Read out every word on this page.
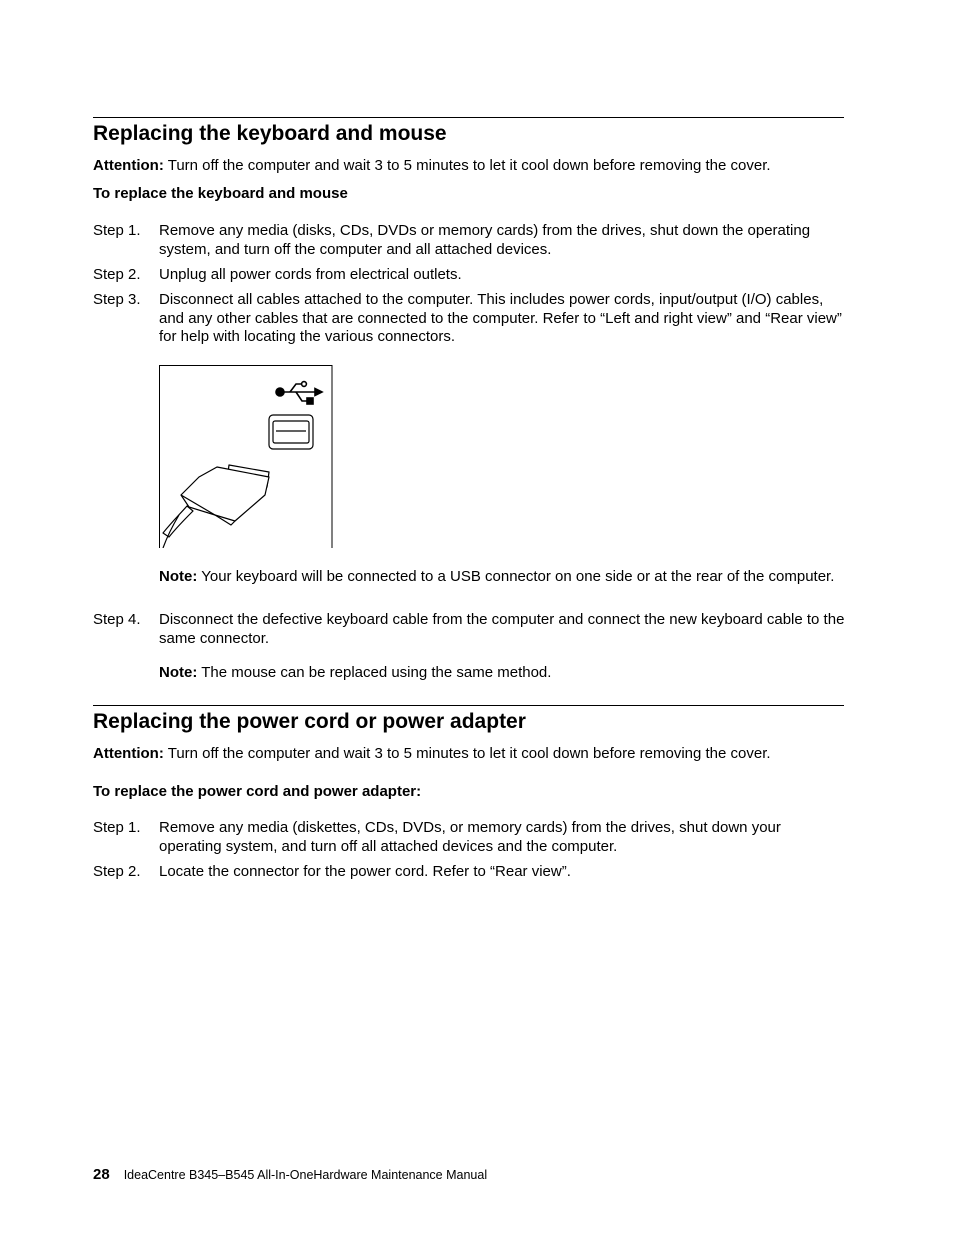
Replacing the keyboard and mouse
Attention: Turn off the computer and wait 3 to 5 minutes to let it cool down before removing the cover.
To replace the keyboard and mouse
Step 1. Remove any media (disks, CDs, DVDs or memory cards) from the drives, shut down the operating system, and turn off the computer and all attached devices.
Step 2. Unplug all power cords from electrical outlets.
Step 3. Disconnect all cables attached to the computer. This includes power cords, input/output (I/O) cables, and any other cables that are connected to the computer. Refer to “Left and right view” and “Rear view” for help with locating the various connectors.
Note: Your keyboard will be connected to a USB connector on one side or at the rear of the computer.
Step 4. Disconnect the defective keyboard cable from the computer and connect the new keyboard cable to the same connector.
Note: The mouse can be replaced using the same method.
Replacing the power cord or power adapter
Attention: Turn off the computer and wait 3 to 5 minutes to let it cool down before removing the cover.
To replace the power cord and power adapter:
Step 1. Remove any media (diskettes, CDs, DVDs, or memory cards) from the drives, shut down your operating system, and turn off all attached devices and the computer.
Step 2. Locate the connector for the power cord. Refer to “Rear view”.
28 IdeaCentre B345–B545 All-In-OneHardware Maintenance Manual
